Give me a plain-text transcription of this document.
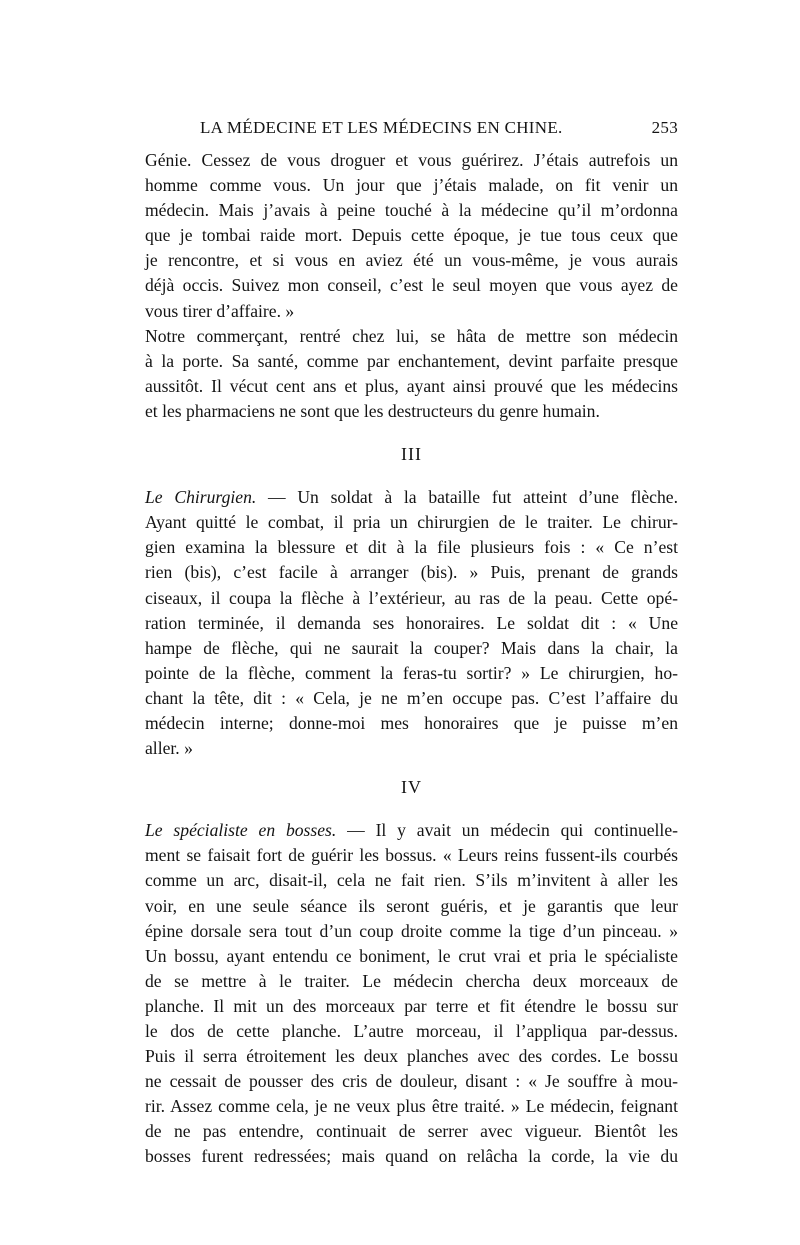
LA MÉDECINE ET LES MÉDECINS EN CHINE.	253
Génie. Cessez de vous droguer et vous guérirez. J’étais autrefois un
homme comme vous. Un jour que j’étais malade, on fit venir un
médecin. Mais j’avais à peine touché à la médecine qu’il m’ordonna
que je tombai raide mort. Depuis cette époque, je tue tous ceux que
je rencontre, et si vous en aviez été un vous-même, je vous aurais
déjà occis. Suivez mon conseil, c’est le seul moyen que vous ayez de
vous tirer d’affaire. »
Notre commerçant, rentré chez lui, se hâta de mettre son médecin
à la porte. Sa santé, comme par enchantement, devint parfaite presque
aussitôt. Il vécut cent ans et plus, ayant ainsi prouvé que les médecins
et les pharmaciens ne sont que les destructeurs du genre humain.
III
Le Chirurgien. — Un soldat à la bataille fut atteint d’une flèche.
Ayant quitté le combat, il pria un chirurgien de le traiter. Le chirur-
gien examina la blessure et dit à la file plusieurs fois : « Ce n’est
rien (bis), c’est facile à arranger (bis). » Puis, prenant de grands
ciseaux, il coupa la flèche à l’extérieur, au ras de la peau. Cette opé-
ration terminée, il demanda ses honoraires. Le soldat dit : « Une
hampe de flèche, qui ne saurait la couper? Mais dans la chair, la
pointe de la flèche, comment la feras-tu sortir? » Le chirurgien, ho-
chant la tête, dit : « Cela, je ne m’en occupe pas. C’est l’affaire du
médecin interne; donne-moi mes honoraires que je puisse m’en
aller. »
IV
Le spécialiste en bosses. — Il y avait un médecin qui continuelle-
ment se faisait fort de guérir les bossus. « Leurs reins fussent-ils courbés
comme un arc, disait-il, cela ne fait rien. S’ils m’invitent à aller les
voir, en une seule séance ils seront guéris, et je garantis que leur
épine dorsale sera tout d’un coup droite comme la tige d’un pinceau. »
Un bossu, ayant entendu ce boniment, le crut vrai et pria le spécialiste
de se mettre à le traiter. Le médecin chercha deux morceaux de
planche. Il mit un des morceaux par terre et fit étendre le bossu sur
le dos de cette planche. L’autre morceau, il l’appliqua par-dessus.
Puis il serra étroitement les deux planches avec des cordes. Le bossu
ne cessait de pousser des cris de douleur, disant : « Je souffre à mou-
rir. Assez comme cela, je ne veux plus être traité. » Le médecin, feignant
de ne pas entendre, continuait de serrer avec vigueur. Bientôt les
bosses furent redressées; mais quand on relâcha la corde, la vie du
